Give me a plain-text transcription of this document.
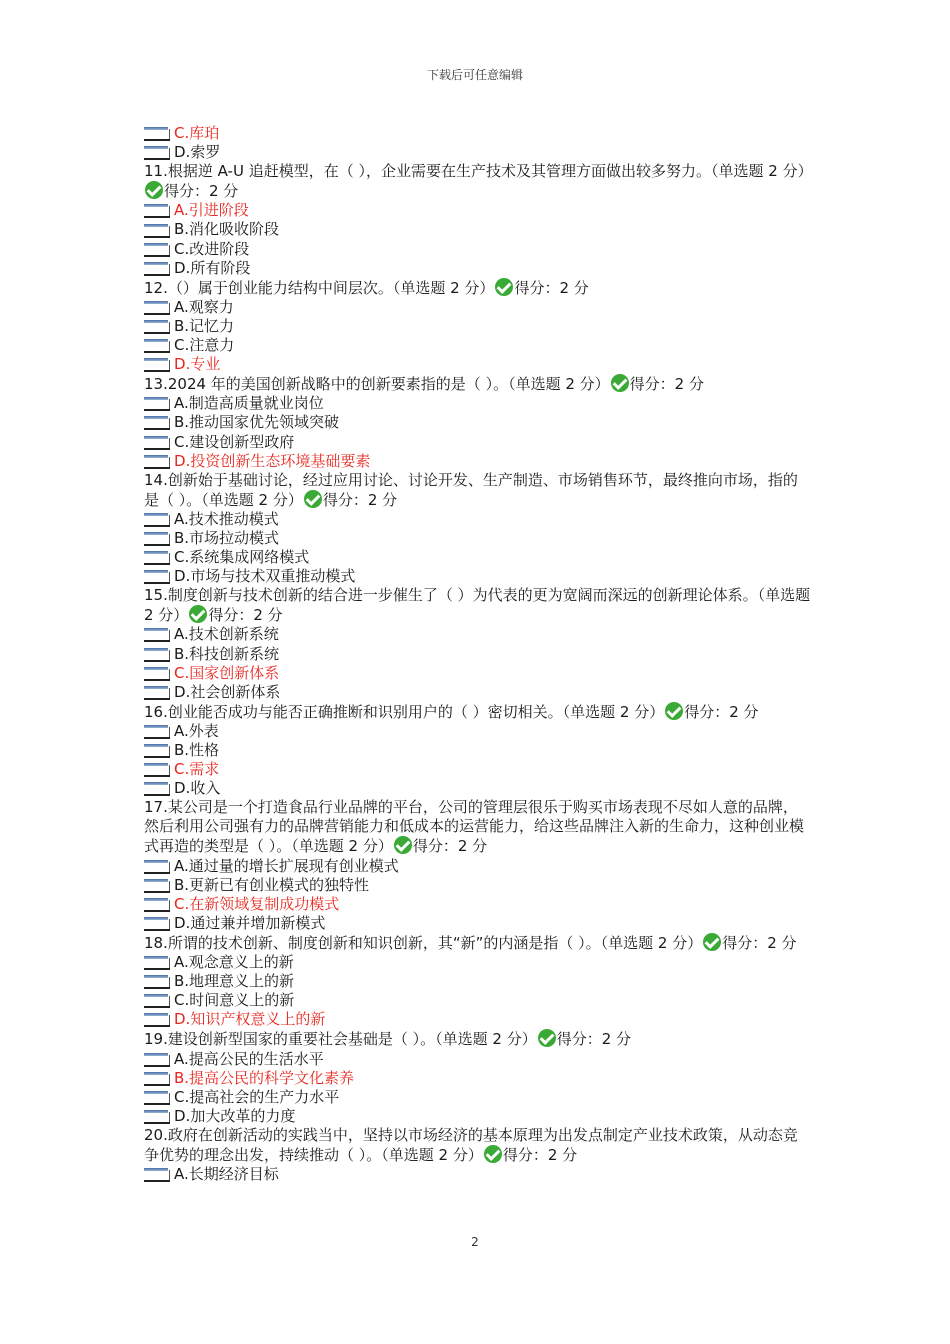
下载后可任意编辑
C.库珀
D.索罗
11.根据逆 A-U 追赶模型，在（ ），企业需要在生产技术及其管理方面做出较多努力。（单选题 2 分）得分：2 分
A.引进阶段
B.消化吸收阶段
C.改进阶段
D.所有阶段
12.（）属于创业能力结构中间层次。（单选题 2 分） 得分：2 分
A.观察力
B.记忆力
C.注意力
D.专业
13.2024 年的美国创新战略中的创新要素指的是（ ）。（单选题 2 分） 得分：2 分
A.制造高质量就业岗位
B.推动国家优先领域突破
C.建设创新型政府
D.投资创新生态环境基础要素
14.创新始于基础讨论，经过应用讨论、讨论开发、生产制造、市场销售环节，最终推向市场，指的是（ ）。（单选题 2 分） 得分：2 分
A.技术推动模式
B.市场拉动模式
C.系统集成网络模式
D.市场与技术双重推动模式
15.制度创新与技术创新的结合进一步催生了（ ）为代表的更为宽阔而深远的创新理论体系。（单选题 2 分） 得分：2 分
A.技术创新系统
B.科技创新系统
C.国家创新体系
D.社会创新体系
16.创业能否成功与能否正确推断和识别用户的（ ）密切相关。（单选题 2 分） 得分：2 分
A.外表
B.性格
C.需求
D.收入
17.某公司是一个打造食品行业品牌的平台，公司的管理层很乐于购买市场表现不尽如人意的品牌，然后利用公司强有力的品牌营销能力和低成本的运营能力，给这些品牌注入新的生命力，这种创业模式再造的类型是（ ）。（单选题 2 分） 得分：2 分
A.通过量的增长扩展现有创业模式
B.更新已有创业模式的独特性
C.在新领域复制成功模式
D.通过兼并增加新模式
18.所谓的技术创新、制度创新和知识创新，其“新”的内涵是指（ ）。（单选题 2 分） 得分：2 分
A.观念意义上的新
B.地理意义上的新
C.时间意义上的新
D.知识产权意义上的新
19.建设创新型国家的重要社会基础是（ ）。（单选题 2 分） 得分：2 分
A.提高公民的生活水平
B.提高公民的科学文化素养
C.提高社会的生产力水平
D.加大改革的力度
20.政府在创新活动的实践当中，坚持以市场经济的基本原理为出发点制定产业技术政策，从动态竞争优势的理念出发，持续推动（ ）。（单选题 2 分） 得分：2 分
A.长期经济目标
2
